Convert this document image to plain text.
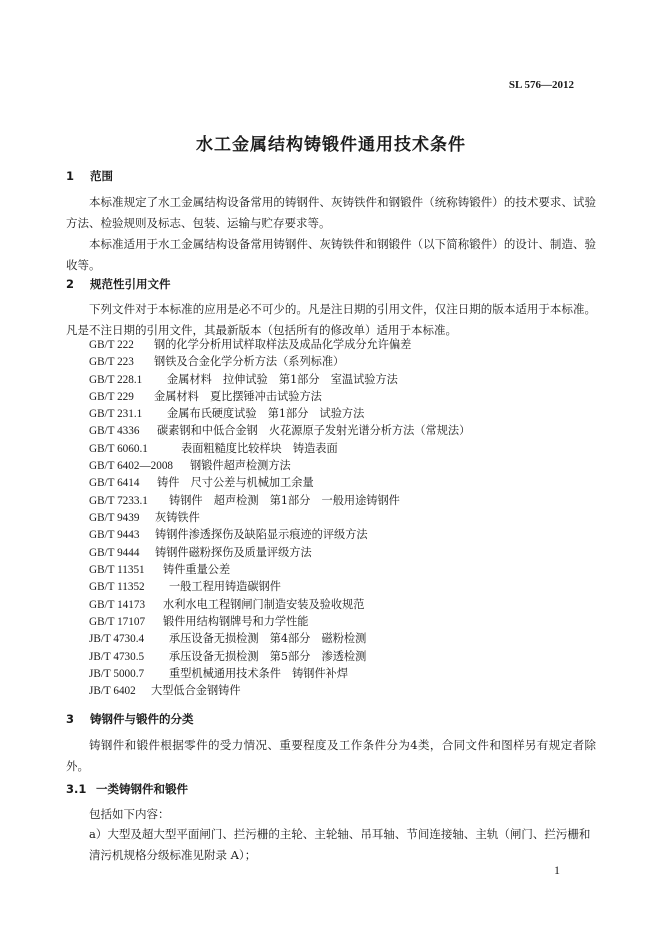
SL 576—2012
水工金属结构铸锻件通用技术条件
1 范围
本标准规定了水工金属结构设备常用的铸钢件、灰铸铁件和钢锻件（统称铸锻件）的技术要求、试验方法、检验规则及标志、包装、运输与贮存要求等。
本标准适用于水工金属结构设备常用铸钢件、灰铸铁件和钢锻件（以下简称锻件）的设计、制造、验收等。
2 规范性引用文件
下列文件对于本标准的应用是必不可少的。凡是注日期的引用文件，仅注日期的版本适用于本标准。凡是不注日期的引用文件，其最新版本（包括所有的修改单）适用于本标准。
GB/T 222 钢的化学分析用试样取样法及成品化学成分允许偏差
GB/T 223 钢铁及合金化学分析方法（系列标准）
GB/T 228.1 金属材料　拉伸试验　第1部分　室温试验方法
GB/T 229 金属材料　夏比摆锤冲击试验方法
GB/T 231.1 金属布氏硬度试验　第1部分　试验方法
GB/T 4336 碳素钢和中低合金钢　火花源原子发射光谱分析方法（常规法）
GB/T 6060.1	表面粗糙度比较样块　铸造表面
GB/T 6402—2008 钢锻件超声检测方法
GB/T 6414 铸件　尺寸公差与机械加工余量
GB/T 7233.1 铸钢件　超声检测　第1部分　一般用途铸钢件
GB/T 9439 灰铸铁件
GB/T 9443 铸钢件渗透探伤及缺陷显示痕迹的评级方法
GB/T 9444 铸钢件磁粉探伤及质量评级方法
GB/T 11351 铸件重量公差
GB/T 11352 一般工程用铸造碳钢件
GB/T 14173 水利水电工程钢闸门制造安装及验收规范
GB/T 17107 锻件用结构钢牌号和力学性能
JB/T 4730.4 承压设备无损检测　第4部分　磁粉检测
JB/T 4730.5 承压设备无损检测　第5部分　渗透检测
JB/T 5000.7 重型机械通用技术条件　铸钢件补焊
JB/T 6402 大型低合金钢铸件
3 铸钢件与锻件的分类
铸钢件和锻件根据零件的受力情况、重要程度及工作条件分为4类，合同文件和图样另有规定者除外。
3.1 一类铸钢件和锻件
包括如下内容：
a）大型及超大型平面闸门、拦污栅的主轮、主轮轴、吊耳轴、节间连接轴、主轨（闸门、拦污栅和清污机规格分级标准见附录 A）；
1
